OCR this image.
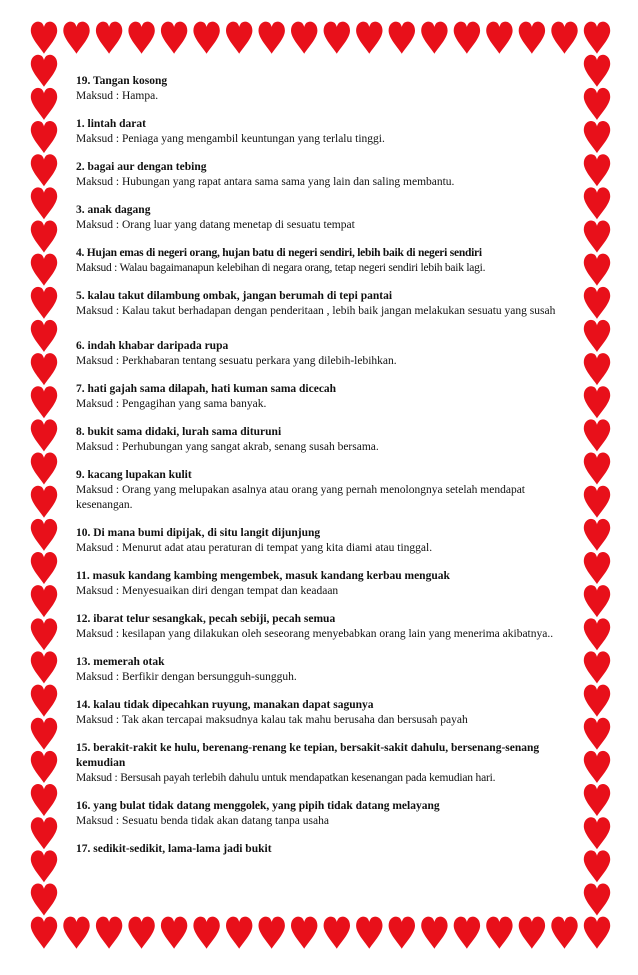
19. Tangan kosong
Maksud : Hampa.
1. lintah darat
Maksud : Peniaga yang mengambil keuntungan yang terlalu tinggi.
2. bagai aur dengan tebing
Maksud : Hubungan yang rapat antara sama sama yang lain dan saling membantu.
3. anak dagang
Maksud : Orang luar yang datang menetap di sesuatu tempat
4. Hujan emas di negeri orang, hujan batu di negeri sendiri, lebih baik di negeri sendiri
Maksud : Walau bagaimanapun kelebihan di negara orang, tetap negeri sendiri lebih baik lagi.
5. kalau takut dilambung ombak, jangan berumah di tepi pantai
Maksud : Kalau takut berhadapan dengan penderitaan , lebih baik jangan melakukan sesuatu yang susah
6. indah khabar daripada rupa
Maksud : Perkhabaran tentang sesuatu perkara yang dilebih-lebihkan.
7. hati gajah sama dilapah, hati kuman sama dicecah
Maksud : Pengagihan yang sama banyak.
8. bukit sama didaki, lurah sama dituruni
Maksud : Perhubungan yang sangat akrab, senang susah bersama.
9. kacang lupakan kulit
Maksud : Orang yang melupakan asalnya atau orang yang pernah menolongnya setelah mendapat kesenangan.
10. Di mana bumi dipijak, di situ langit dijunjung
Maksud : Menurut adat atau peraturan di tempat yang kita diami atau tinggal.
11. masuk kandang kambing mengembek, masuk kandang kerbau menguak
Maksud : Menyesuaikan diri dengan tempat dan keadaan
12. ibarat telur sesangkak, pecah sebiji, pecah semua
Maksud : kesilapan yang dilakukan oleh seseorang menyebabkan orang lain yang menerima akibatnya..
13. memerah otak
Maksud : Berfikir dengan bersungguh-sungguh.
14. kalau tidak dipecahkan ruyung, manakan dapat sagunya
Maksud : Tak akan tercapai maksudnya kalau tak mahu berusaha dan bersusah payah
15. berakit-rakit ke hulu, berenang-renang ke tepian, bersakit-sakit dahulu, bersenang-senang kemudian
Maksud : Bersusah payah terlebih dahulu untuk mendapatkan kesenangan pada kemudian hari.
16. yang bulat tidak datang menggolek, yang pipih tidak datang melayang
Maksud : Sesuatu benda tidak akan datang tanpa usaha
17. sedikit-sedikit, lama-lama jadi bukit
